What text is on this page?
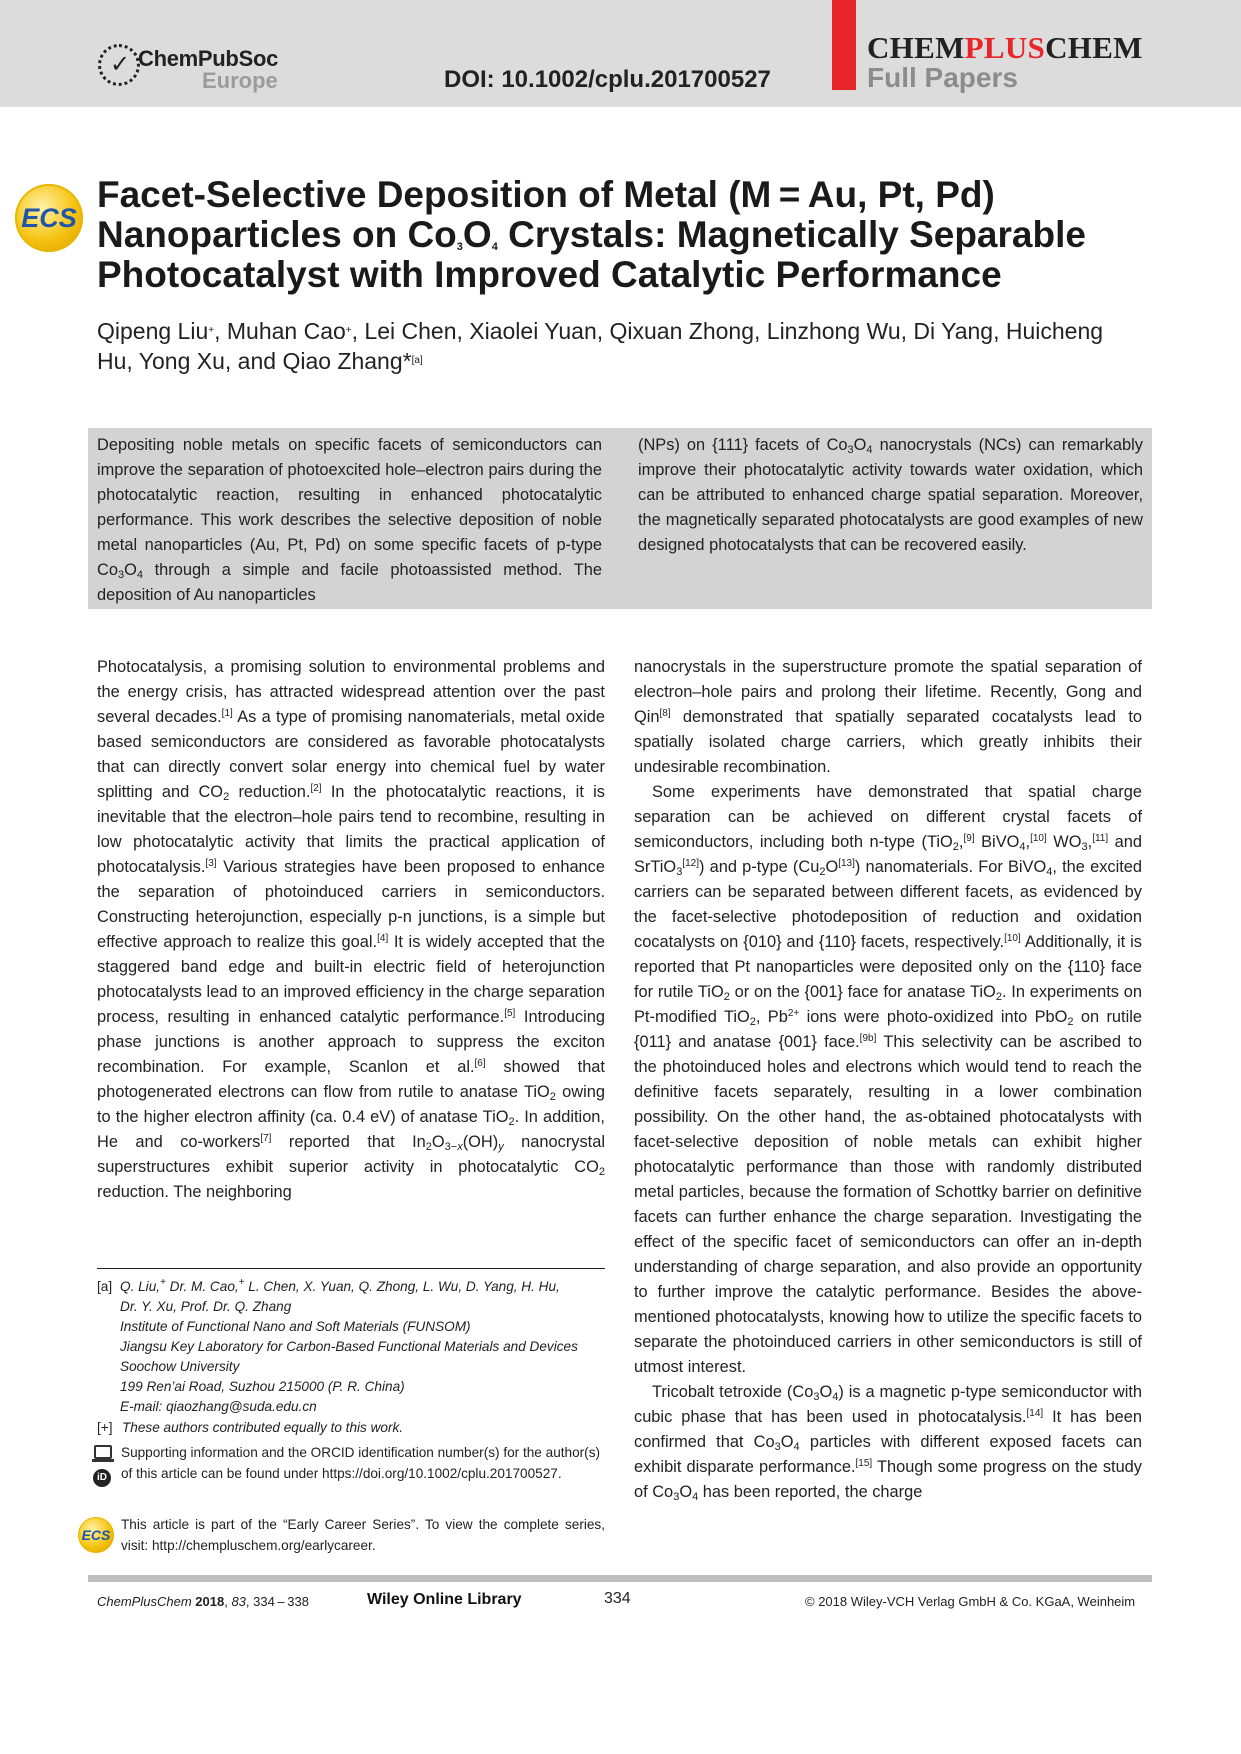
✓
ChemPubSoc
Europe	DOI: 10.1002/cplu.201700527
CHEMPLUSCHEM
Full Papers
ECS
Facet-Selective Deposition of Metal (M = Au, Pt, Pd) Nanoparticles on $Co_3O_4$ Crystals: Magnetically Separable Photocatalyst with Improved Catalytic Performance

Qipeng Liu+, Muhan Cao+, Lei Chen, Xiaolei Yuan, Qixuan Zhong, Linzhong Wu, Di Yang, Huicheng Hu, Yong Xu, and Qiao Zhang*[a]

Depositing noble metals on specific facets of semiconductors can improve the separation of photoexcited hole–electron pairs during the photocatalytic reaction, resulting in enhanced photocatalytic performance. This work describes the selective deposition of noble metal nanoparticles (Au, Pt, Pd) on some specific facets of p-type $Co_3O_4$ through a simple and facile photoassisted method. The deposition of Au nanoparticles

(NPs) on {111} facets of $Co_3O_4$ nanocrystals (NCs) can remarkably improve their photocatalytic activity towards water oxidation, which can be attributed to enhanced charge spatial separation. Moreover, the magnetically separated photocatalysts are good examples of new designed photocatalysts that can be recovered easily.

Photocatalysis, a promising solution to environmental problems and the energy crisis, has attracted widespread attention over the past several decades.[1] As a type of promising nanomaterials, metal oxide based semiconductors are considered as favorable photocatalysts that can directly convert solar energy into chemical fuel by water splitting and $CO_2$ reduction.[2] In the photocatalytic reactions, it is inevitable that the electron–hole pairs tend to recombine, resulting in low photocatalytic activity that limits the practical application of photocatalysis.[3] Various strategies have been proposed to enhance the separation of photoinduced carriers in semiconductors. Constructing heterojunction, especially p-n junctions, is a simple but effective approach to realize this goal.[4] It is widely accepted that the staggered band edge and built-in electric field of heterojunction photocatalysts lead to an improved efficiency in the charge separation process, resulting in enhanced catalytic performance.[5] Introducing phase junctions is another approach to suppress the exciton recombination. For example, Scanlon et al.[6] showed that photogenerated electrons can flow from rutile to anatase TiO$_2$ owing to the higher electron affinity (ca. 0.4 eV) of anatase TiO$_2$. In addition, He and co-workers[7] reported that $In_2O_{3-x}(OH)_y$ nanocrystal superstructures exhibit superior activity in photocatalytic $CO_2$ reduction. The neighboring

nanocrystals in the superstructure promote the spatial separation of electron–hole pairs and prolong their lifetime. Recently, Gong and Qin[8] demonstrated that spatially separated cocatalysts lead to spatially isolated charge carriers, which greatly inhibits their undesirable recombination.

Some experiments have demonstrated that spatial charge separation can be achieved on different crystal facets of semiconductors, including both n-type (TiO$_2$,[9] BiVO$_4$,[10] $WO_3,[11]$ and SrTiO$_3$[12]) and p-type $(Cu_2O[13])$ nanomaterials. For BiVO$_4$, the excited carriers can be separated between different facets, as evidenced by the facet-selective photodeposition of reduction and oxidation cocatalysts on {010} and {110} facets, respectively.[10] Additionally, it is reported that Pt nanoparticles were deposited only on the {110} face for rutile TiO$_2$ or on the {001} face for anatase TiO$_2$. In experiments on Pt-modified TiO$_2$, $Pb^{2+}$ ions were photo-oxidized into PbO$_2$ on rutile {011} and anatase {001} face.[9b] This selectivity can be ascribed to the photoinduced holes and electrons which would tend to reach the definitive facets separately, resulting in a lower combination possibility. On the other hand, the as-obtained photocatalysts with facet-selective deposition of noble metals can exhibit higher photocatalytic performance than those with randomly distributed metal particles, because the formation of Schottky barrier on definitive facets can further enhance the charge separation. Investigating the effect of the specific facet of semiconductors can offer an in-depth understanding of charge separation, and also provide an opportunity to further improve the catalytic performance. Besides the above-mentioned photocatalysts, knowing how to utilize the specific facets to separate the photoinduced carriers in other semiconductors is still of utmost interest.

Tricobalt tetroxide $(Co_3O_4)$ is a magnetic p-type semiconductor with cubic phase that has been used in photocatalysis.[14] It has been confirmed that $Co_3O_4$ particles with different exposed facets can exhibit disparate performance.[15] Though some progress on the study of $Co_3O_4$ has been reported, the charge

[a] Q. Liu,+ Dr. M. Cao,+ L. Chen, X. Yuan, Q. Zhong, L. Wu, D. Yang, H. Hu,
Dr. Y. Xu, Prof. Dr. Q. Zhang
Institute of Functional Nano and Soft Materials (FUNSOM)
Jiangsu Key Laboratory for Carbon-Based Functional Materials and Devices
Soochow University
199 Ren’ai Road, Suzhou 215000 (P. R. China)
E-mail: qiaozhang@suda.edu.cn
[+] These authors contributed equally to this work.
iD
Supporting information and the ORCID identification number(s) for the author(s) of this article can be found under https://doi.org/10.1002/cplu.201700527.
ECS
This article is part of the “Early Career Series”. To view the complete series, visit: http://chempluschem.org/earlycareer.
ChemPlusChem 2018, 83, 334 – 338	Wiley Online Library	334	© 2018 Wiley-VCH Verlag GmbH & Co. KGaA, Weinheim
